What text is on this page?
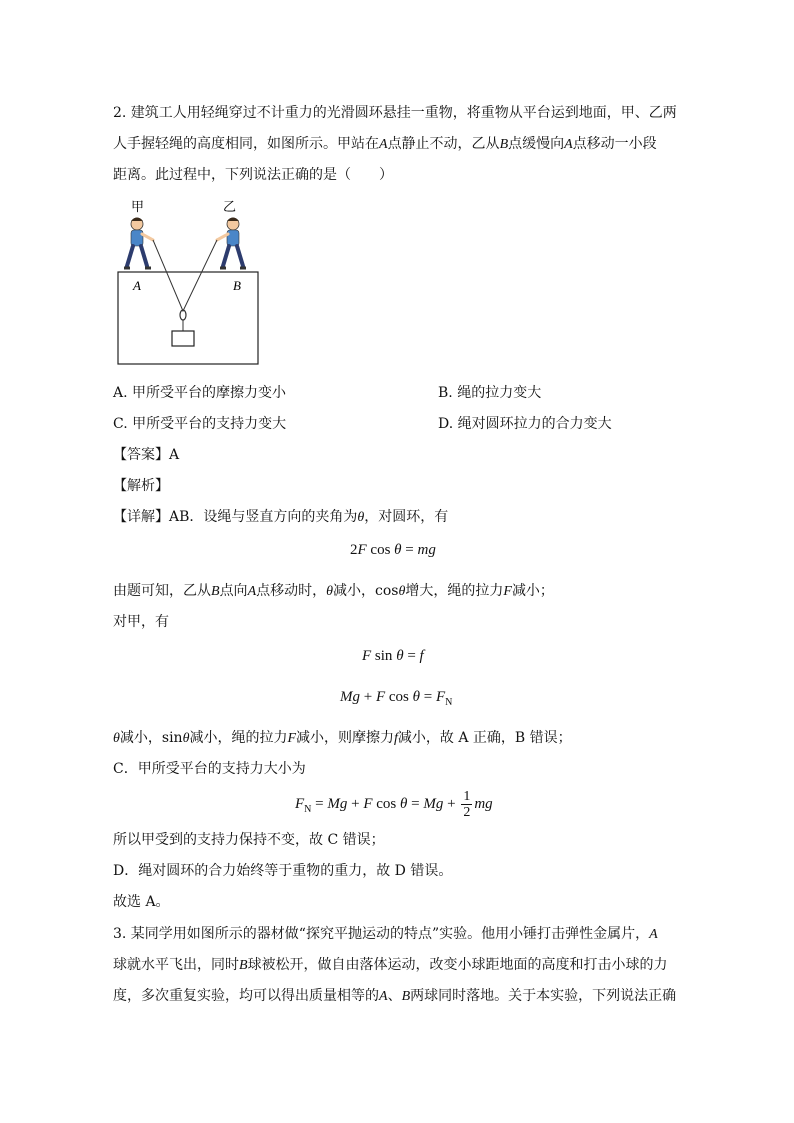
2. 建筑工人用轻绳穿过不计重力的光滑圆环悬挂一重物，将重物从平台运到地面，甲、乙两
人手握轻绳的高度相同，如图所示。甲站在A点静止不动，乙从B点缓慢向A点移动一小段
距离。此过程中，下列说法正确的是（　　）
甲	乙
A	B
A. 甲所受平台的摩擦力变小	B. 绳的拉力变大
C. 甲所受平台的支持力变大	D. 绳对圆环拉力的合力变大
【答案】A
【解析】
【详解】AB．设绳与竖直方向的夹角为θ，对圆环，有
2F cos θ = mg
由题可知，乙从B点向A点移动时，θ减小，cosθ增大，绳的拉力F减小；
对甲，有
F sin θ = f
Mg + F $\cos \theta = F_N$
θ减小，sinθ减小，绳的拉力F减小，则摩擦力f减小，故 A 正确，B 错误；
C．甲所受平台的支持力大小为
$F_N = Mg + F$ $\cos \theta = Mg + \frac{1}{2}$ mg
所以甲受到的支持力保持不变，故 C 错误；
D．绳对圆环的合力始终等于重物的重力，故 D 错误。
故选 A。
3. 某同学用如图所示的器材做“探究平抛运动的特点”实验。他用小锤打击弹性金属片，A
球就水平飞出，同时B球被松开，做自由落体运动，改变小球距地面的高度和打击小球的力
度，多次重复实验，均可以得出质量相等的A、B两球同时落地。关于本实验，下列说法正确
